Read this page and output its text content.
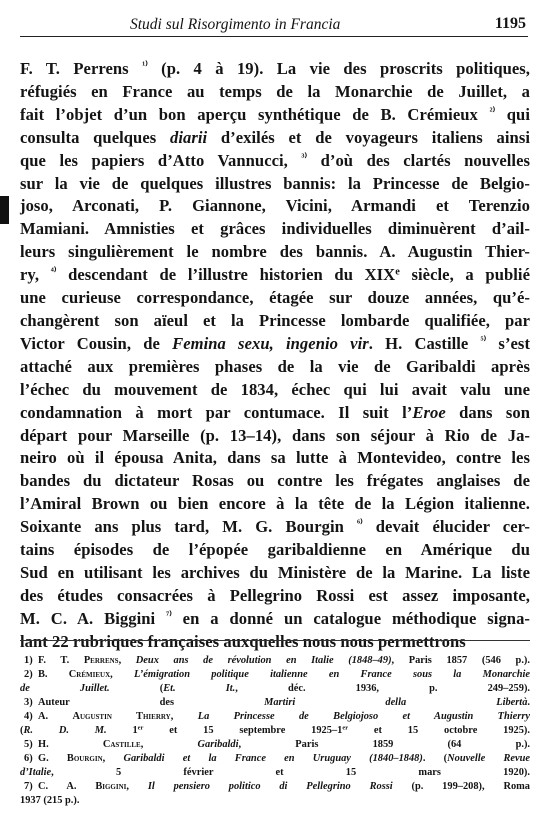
Studi sul Risorgimento in Francia	1195
F. T. Perrens $^{^{1)}}$ (p. 4 à 19). La vie des proscrits politiques,
réfugiés en France au temps de la Monarchie de Juillet, a
fait l’objet d’un bon aperçu synthétique de B. Crémieux $^{^{2)}}$ qui
consulta quelques diarii d’exilés et de voyageurs italiens ainsi
que les papiers d’Atto Vannucci, $^{^{3)}}$ d’où des clartés nouvelles
sur la vie de quelques illustres bannis: la Princesse de Belgio-
joso, Arconati, P. Giannone, Vicini, Armandi et Terenzio
Mamiani. Amnisties et grâces individuelles diminuèrent d’ail-
leurs singulièrement le nombre des bannis. A. Augustin Thier-
ry, $^{^{4)}}$ descendant de l’illustre historien du XIXe siècle, a publié
une curieuse correspondance, étagée sur douze années, qu’é-
changèrent son aïeul et la Princesse lombarde qualifiée, par
Victor Cousin, de Femina sexu, ingenio vir. H. Castille $^{^{5)}}$ s’est
attaché aux premières phases de la vie de Garibaldi après
l’échec du mouvement de 1834, échec qui lui avait valu une
condamnation à mort par contumace. Il suit l’Eroe dans son
départ pour Marseille (p. 13–14), dans son séjour à Rio de Ja-
neiro où il épousa Anita, dans sa lutte à Montevideo, contre les
bandes du dictateur Rosas ou contre les frégates anglaises de
l’Amiral Brown ou bien encore à la tête de la Légion italienne.
Soixante ans plus tard, M. G. Bourgin $^{^{6)}}$ devait élucider cer-
tains épisodes de l’épopée garibaldienne en Amérique du
Sud en utilisant les archives du Ministère de la Marine. La liste
des études consacrées à Pellegrino Rossi est assez imposante,
M. C. A. Biggini $^{^{7)}}$ en a donné un catalogue méthodique signa-
lant 22 rubriques françaises auxquelles nous nous permettrons
1) F. T. Perrens, Deux ans de révolution en Italie (1848–49), Paris 1857 (546 p.).
2) B. Crémieux, L’émigration politique italienne en France sous la Monarchie
de Juillet. (Et. It., déc. 1936, p. 249–259).
3) Auteur des Martiri della Libertà.
4) A. Augustin Thierry, La Princesse de Belgiojoso et Augustin Thierry
(R. D. M. 1er et 15 septembre 1925–1er et 15 octobre 1925).
5) H. Castille, Garibaldi, Paris 1859 (64 p.).
6) G. Bourgin, Garibaldi et la France en Uruguay (1840–1848). (Nouvelle Revue
d’Italie, 5 février et 15 mars 1920).
7) C. A. Biggini, Il pensiero politico di Pellegrino Rossi (p. 199–208), Roma
1937 (215 p.).
